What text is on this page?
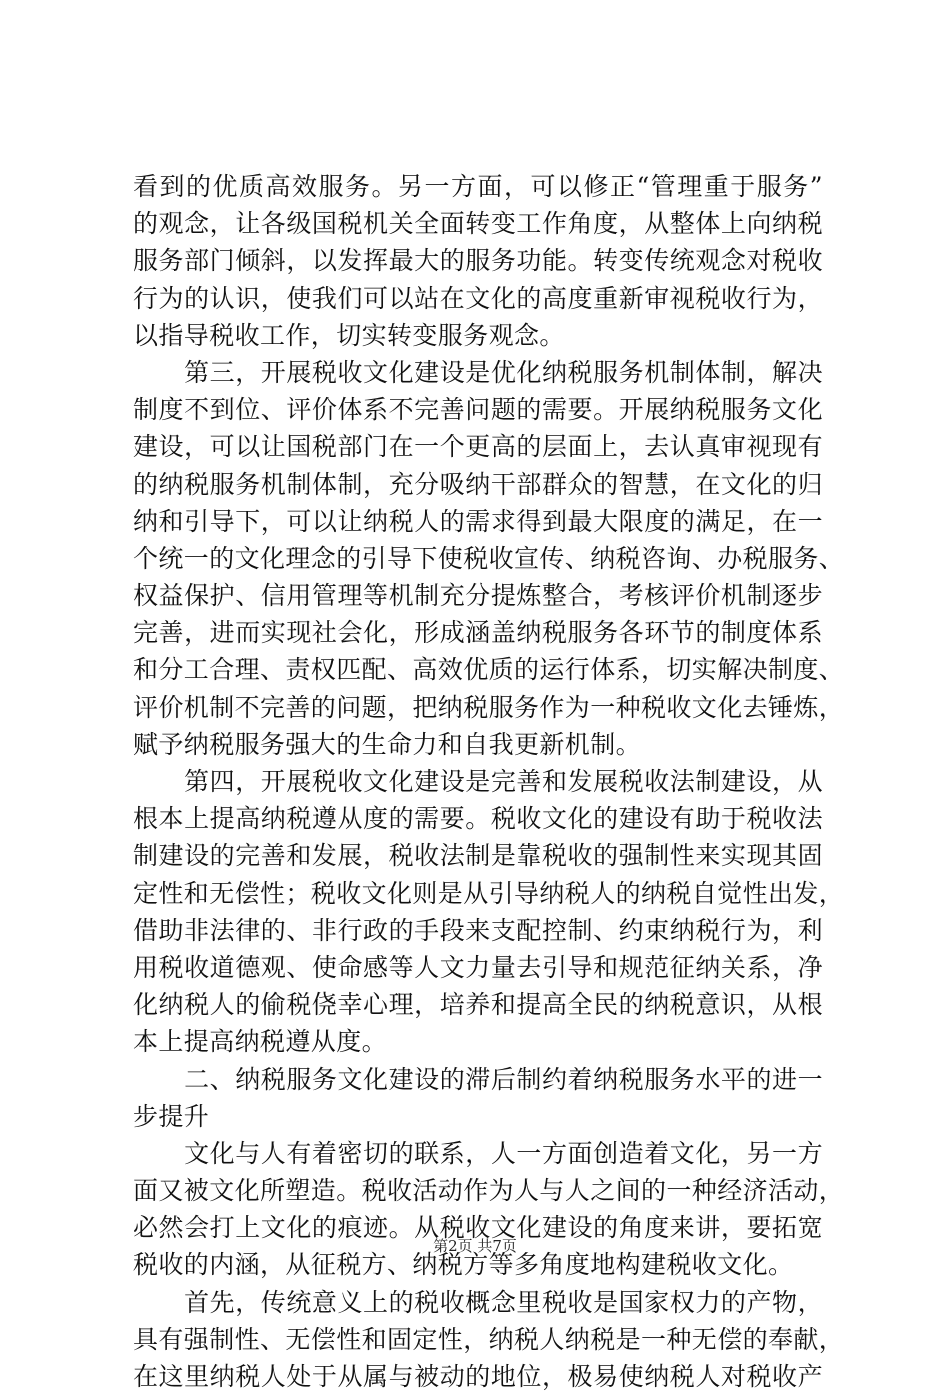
看到的优质高效服务。另一方面，可以修正“管理重于服务”
的观念，让各级国税机关全面转变工作角度，从整体上向纳税
服务部门倾斜，以发挥最大的服务功能。转变传统观念对税收
行为的认识，使我们可以站在文化的高度重新审视税收行为，
以指导税收工作，切实转变服务观念。
　　第三，开展税收文化建设是优化纳税服务机制体制，解决
制度不到位、评价体系不完善问题的需要。开展纳税服务文化
建设，可以让国税部门在一个更高的层面上，去认真审视现有
的纳税服务机制体制，充分吸纳干部群众的智慧，在文化的归
纳和引导下，可以让纳税人的需求得到最大限度的满足，在一
个统一的文化理念的引导下使税收宣传、纳税咨询、办税服务、
权益保护、信用管理等机制充分提炼整合，考核评价机制逐步
完善，进而实现社会化，形成涵盖纳税服务各环节的制度体系
和分工合理、责权匹配、高效优质的运行体系，切实解决制度、
评价机制不完善的问题，把纳税服务作为一种税收文化去锤炼，
赋予纳税服务强大的生命力和自我更新机制。
　　第四，开展税收文化建设是完善和发展税收法制建设，从
根本上提高纳税遵从度的需要。税收文化的建设有助于税收法
制建设的完善和发展，税收法制是靠税收的强制性来实现其固
定性和无偿性；税收文化则是从引导纳税人的纳税自觉性出发，
借助非法律的、非行政的手段来支配控制、约束纳税行为，利
用税收道德观、使命感等人文力量去引导和规范征纳关系，净
化纳税人的偷税侥幸心理，培养和提高全民的纳税意识，从根
本上提高纳税遵从度。
　　二、纳税服务文化建设的滞后制约着纳税服务水平的进一
步提升
　　文化与人有着密切的联系，人一方面创造着文化，另一方
面又被文化所塑造。税收活动作为人与人之间的一种经济活动，
必然会打上文化的痕迹。从税收文化建设的角度来讲，要拓宽
税收的内涵，从征税方、纳税方等多角度地构建税收文化。
　　首先，传统意义上的税收概念里税收是国家权力的产物，
具有强制性、无偿性和固定性，纳税人纳税是一种无偿的奉献，
在这里纳税人处于从属与被动的地位，极易使纳税人对税收产
第2页 共7页
